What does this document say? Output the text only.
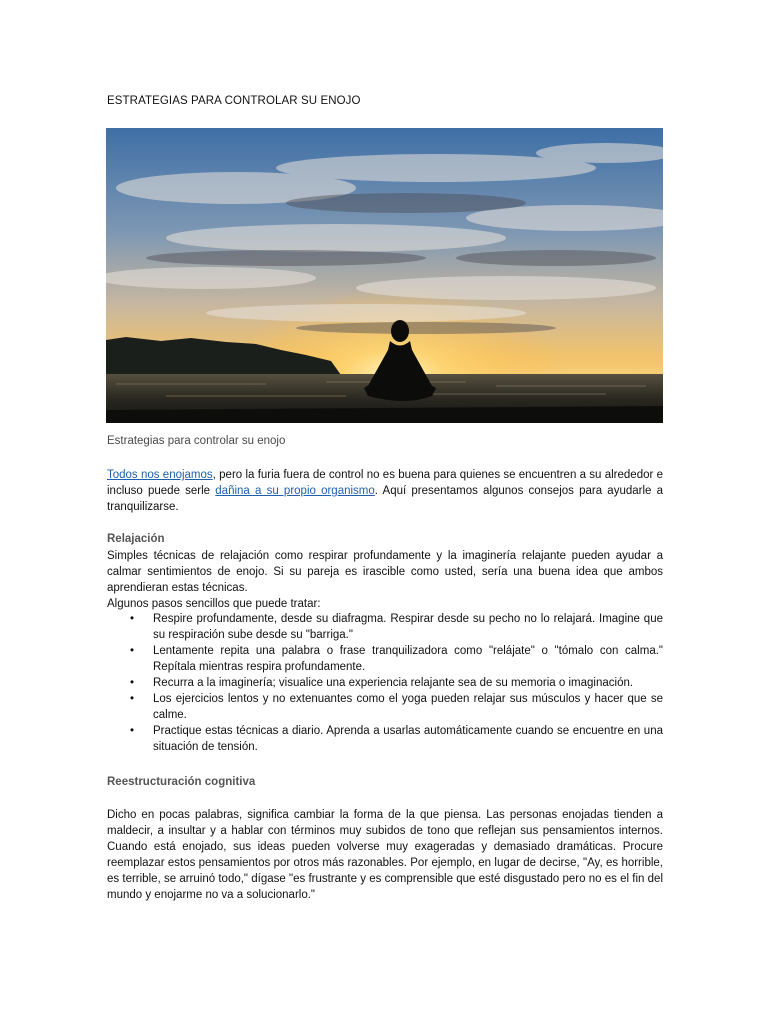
ESTRATEGIAS PARA CONTROLAR SU ENOJO
Estrategias para controlar su enojo

Todos nos enojamos, pero la furia fuera de control no es buena para quienes se encuentren a su alrededor e incluso puede serle dañina a su propio organismo. Aquí presentamos algunos consejos para ayudarle a tranquilizarse.

Relajación

Simples técnicas de relajación como respirar profundamente y la imaginería relajante pueden ayudar a calmar sentimientos de enojo. Si su pareja es irascible como usted, sería una buena idea que ambos aprendieran estas técnicas.

Algunos pasos sencillos que puede tratar:

• Respire profundamente, desde su diafragma. Respirar desde su pecho no lo relajará. Imagine que su respiración sube desde su "barriga."
• Lentamente repita una palabra o frase tranquilizadora como "relájate" o "tómalo con calma." Repítala mientras respira profundamente.
• Recurra a la imaginería; visualice una experiencia relajante sea de su memoria o imaginación.
• Los ejercicios lentos y no extenuantes como el yoga pueden relajar sus músculos y hacer que se calme.
• Practique estas técnicas a diario. Aprenda a usarlas automáticamente cuando se encuentre en una situación de tensión.
Reestructuración cognitiva

Dicho en pocas palabras, significa cambiar la forma de la que piensa. Las personas enojadas tienden a maldecir, a insultar y a hablar con términos muy subidos de tono que reflejan sus pensamientos internos. Cuando está enojado, sus ideas pueden volverse muy exageradas y demasiado dramáticas. Procure reemplazar estos pensamientos por otros más razonables. Por ejemplo, en lugar de decirse, "Ay, es horrible, es terrible, se arruinó todo," dígase "es frustrante y es comprensible que esté disgustado pero no es el fin del mundo y enojarme no va a solucionarlo."
